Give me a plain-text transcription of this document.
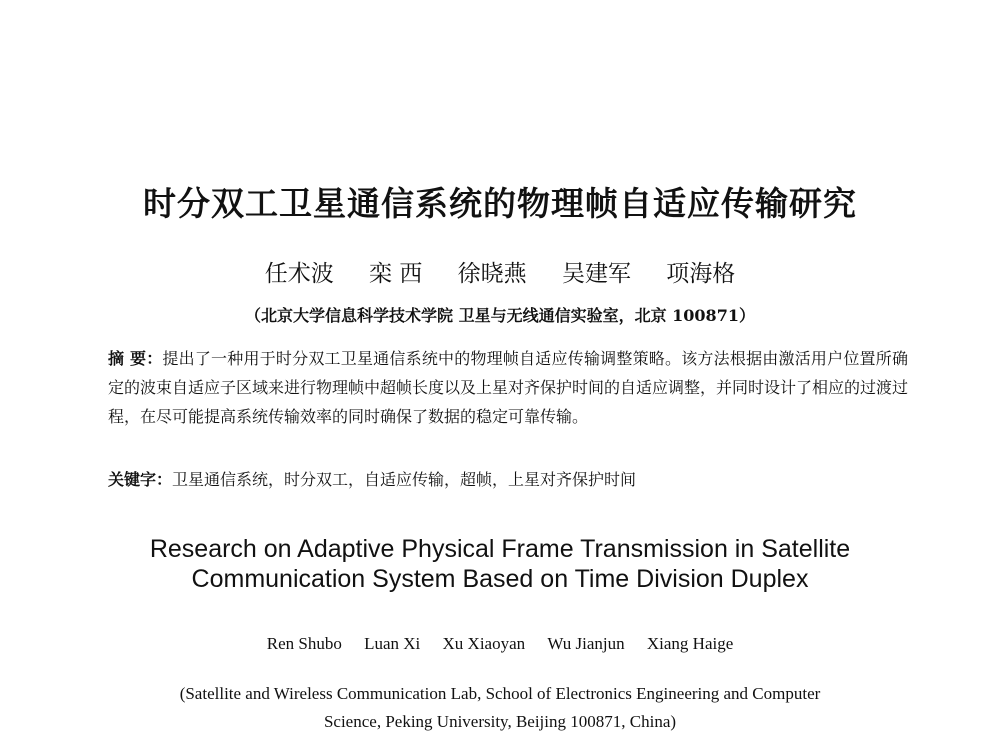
时分双工卫星通信系统的物理帧自适应传输研究
任术波 栾 西 徐晓燕 吴建军 项海格
（北京大学信息科学技术学院 卫星与无线通信实验室，北京 100871）
摘 要：提出了一种用于时分双工卫星通信系统中的物理帧自适应传输调整策略。该方法根据由激活用户位置所确定的波束自适应子区域来进行物理帧中超帧长度以及上星对齐保护时间的自适应调整，并同时设计了相应的过渡过程，在尽可能提高系统传输效率的同时确保了数据的稳定可靠传输。
关键字：卫星通信系统，时分双工，自适应传输，超帧，上星对齐保护时间
Research on Adaptive Physical Frame Transmission in Satellite
Communication System Based on Time Division Duplex
Ren Shubo Luan Xi Xu Xiaoyan Wu Jianjun Xiang Haige
(Satellite and Wireless Communication Lab, School of Electronics Engineering and Computer
Science, Peking University, Beijing 100871, China)
